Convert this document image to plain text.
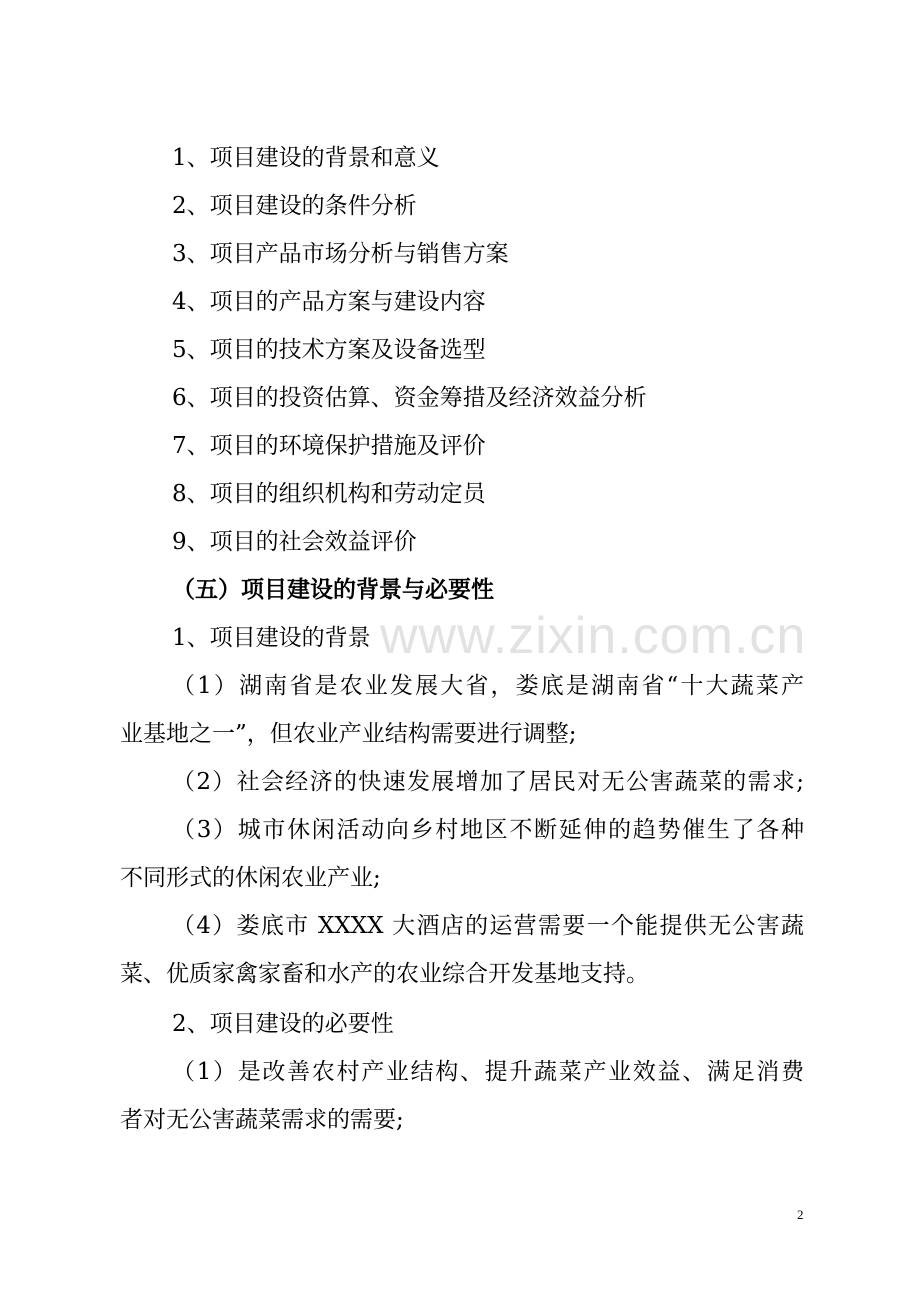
1、项目建设的背景和意义

2、项目建设的条件分析

3、项目产品市场分析与销售方案

4、项目的产品方案与建设内容

5、项目的技术方案及设备选型

6、项目的投资估算、资金筹措及经济效益分析

7、项目的环境保护措施及评价

8、项目的组织机构和劳动定员

9、项目的社会效益评价

（五）项目建设的背景与必要性

1、项目建设的背景

（1）湖南省是农业发展大省，娄底是湖南省“十大蔬菜产

业基地之一”，但农业产业结构需要进行调整;

（2）社会经济的快速发展增加了居民对无公害蔬菜的需求;

（3）城市休闲活动向乡村地区不断延伸的趋势催生了各种

不同形式的休闲农业产业;

（4）娄底市 XXXX 大酒店的运营需要一个能提供无公害蔬

菜、优质家禽家畜和水产的农业综合开发基地支持。

2、项目建设的必要性

（1）是改善农村产业结构、提升蔬菜产业效益、满足消费

者对无公害蔬菜需求的需要;

www.zixin.com.cn
2
